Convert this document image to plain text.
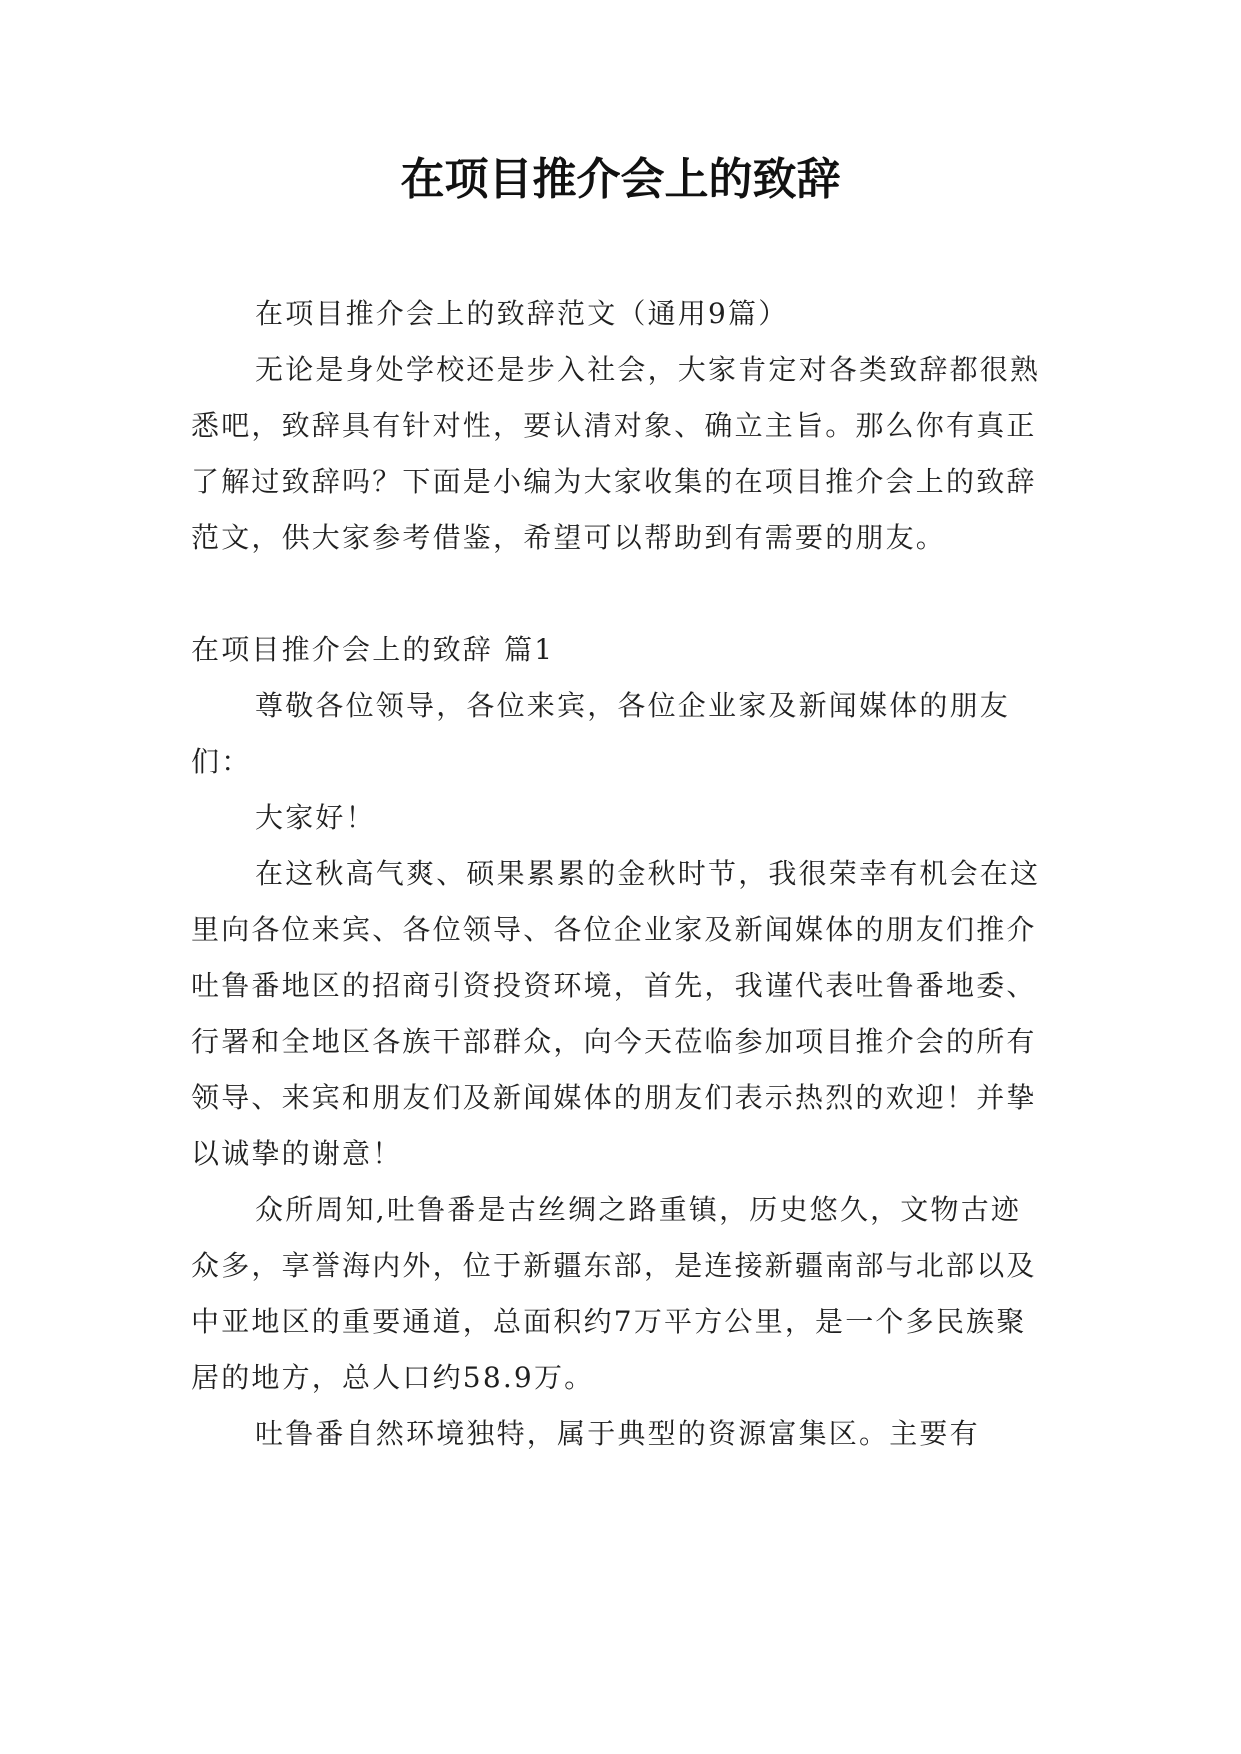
在项目推介会上的致辞

在项目推介会上的致辞范文（通用9篇）

无论是身处学校还是步入社会，大家肯定对各类致辞都很熟悉吧，致辞具有针对性，要认清对象、确立主旨。那么你有真正了解过致辞吗？下面是小编为大家收集的在项目推介会上的致辞范文，供大家参考借鉴，希望可以帮助到有需要的朋友。

在项目推介会上的致辞 篇1

尊敬各位领导，各位来宾，各位企业家及新闻媒体的朋友们：

大家好！

在这秋高气爽、硕果累累的金秋时节，我很荣幸有机会在这里向各位来宾、各位领导、各位企业家及新闻媒体的朋友们推介吐鲁番地区的招商引资投资环境，首先，我谨代表吐鲁番地委、行署和全地区各族干部群众，向今天莅临参加项目推介会的所有领导、来宾和朋友们及新闻媒体的朋友们表示热烈的欢迎！并挚以诚挚的谢意！

众所周知,吐鲁番是古丝绸之路重镇，历史悠久，文物古迹众多，享誉海内外，位于新疆东部，是连接新疆南部与北部以及中亚地区的重要通道，总面积约7万平方公里，是一个多民族聚居的地方，总人口约58.9万。

吐鲁番自然环境独特，属于典型的资源富集区。主要有
